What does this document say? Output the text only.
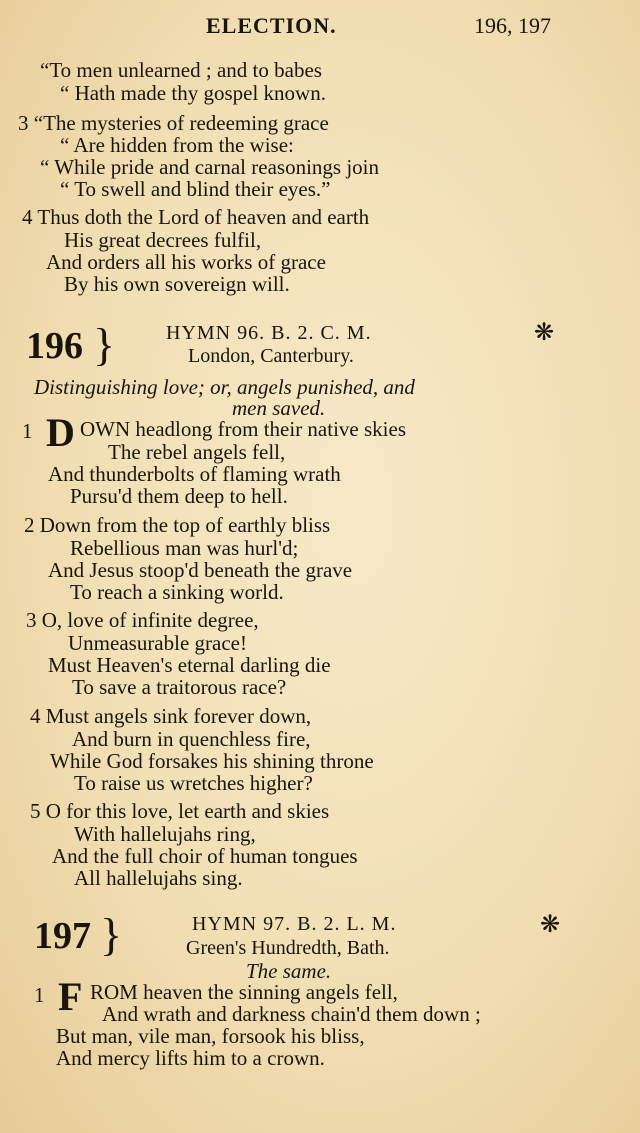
ELECTION.	196, 197
“To men unlearned ; and to babes
“ Hath made thy gospel known.
3 “The mysteries of redeeming grace
“ Are hidden from the wise:
“ While pride and carnal reasonings join
“ To swell and blind their eyes.”
4 Thus doth the Lord of heaven and earth
His great decrees fulfil,
And orders all his works of grace
By his own sovereign will.
196 }	HYMN 96. B. 2. C. M.	❋
London, Canterbury.
Distinguishing love; or, angels punished, and
men saved.
1 D OWN headlong from their native skies
The rebel angels fell,
And thunderbolts of flaming wrath
Pursu'd them deep to hell.
2 Down from the top of earthly bliss
Rebellious man was hurl'd;
And Jesus stoop'd beneath the grave
To reach a sinking world.
3 O, love of infinite degree,
Unmeasurable grace!
Must Heaven's eternal darling die
To save a traitorous race?
4 Must angels sink forever down,
And burn in quenchless fire,
While God forsakes his shining throne
To raise us wretches higher?
5 O for this love, let earth and skies
With hallelujahs ring,
And the full choir of human tongues
All hallelujahs sing.
197 }	HYMN 97. B. 2. L. M.	❋
Green's Hundredth, Bath.
The same.
1 F ROM heaven the sinning angels fell,
And wrath and darkness chain'd them down ;
But man, vile man, forsook his bliss,
And mercy lifts him to a crown.
